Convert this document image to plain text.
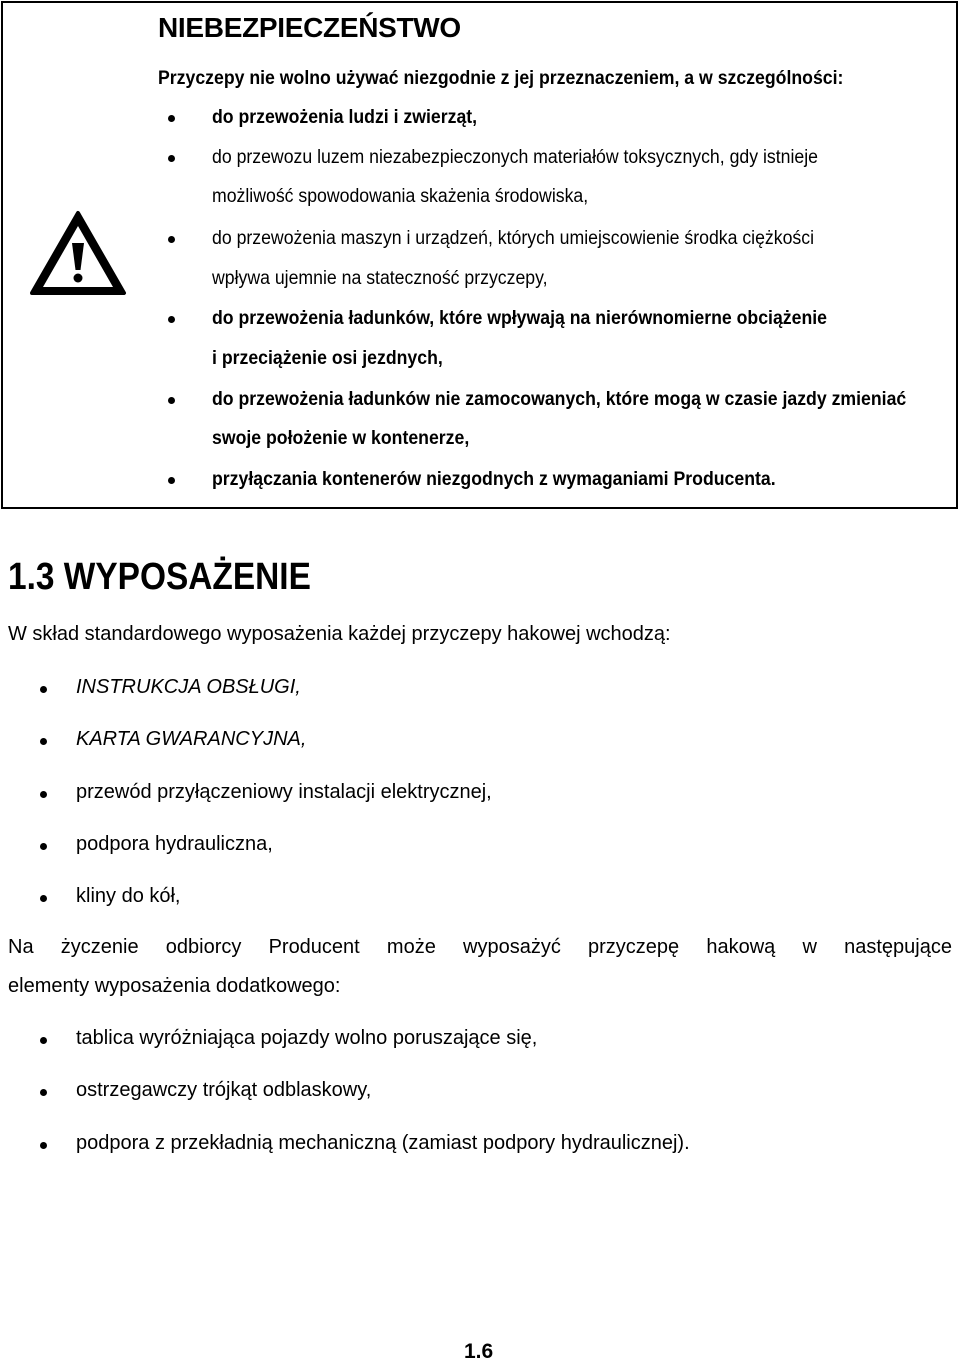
NIEBEZPIECZEŃSTWO
Przyczepy nie wolno używać niezgodnie z jej przeznaczeniem, a w szczególności:
do przewożenia ludzi i zwierząt,
do przewozu luzem niezabezpieczonych materiałów toksycznych, gdy istnieje
możliwość spowodowania skażenia środowiska,
do przewożenia maszyn i urządzeń, których umiejscowienie środka ciężkości
wpływa ujemnie na stateczność przyczepy,
do przewożenia ładunków, które wpływają na nierównomierne obciążenie
i przeciążenie osi jezdnych,
do przewożenia ładunków nie zamocowanych, które mogą w czasie jazdy zmieniać
swoje położenie w kontenerze,
przyłączania kontenerów niezgodnych z wymaganiami Producenta.
1.3 WYPOSAŻENIE
W skład standardowego wyposażenia każdej przyczepy hakowej wchodzą:
INSTRUKCJA OBSŁUGI,
KARTA GWARANCYJNA,
przewód przyłączeniowy instalacji elektrycznej,
podpora hydrauliczna,
kliny do kół,
Na życzenie odbiorcy Producent może wyposażyć przyczepę hakową w następujące
elementy wyposażenia dodatkowego:
tablica wyróżniająca pojazdy wolno poruszające się,
ostrzegawczy trójkąt odblaskowy,
podpora z przekładnią mechaniczną (zamiast podpory hydraulicznej).
1.6
